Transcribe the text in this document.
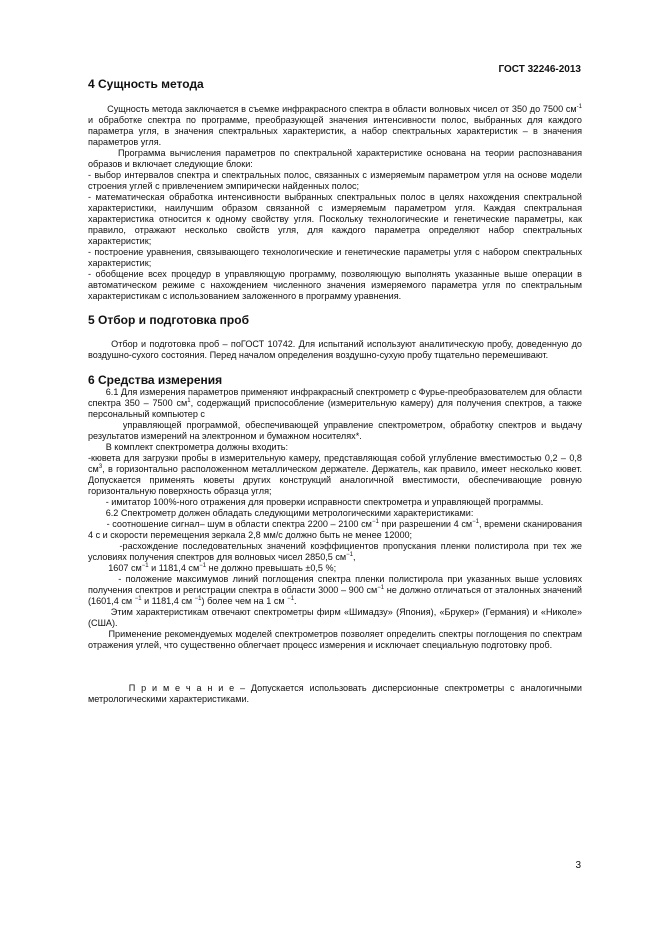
ГОСТ 32246-2013
4 Сущность метода

Сущность метода заключается в съемке инфракрасного спектра в области волновых чисел от 350 до 7500 $см^{-1}$ и обработке спектра по программе, преобразующей значения интенсивности полос, выбранных для каждого параметра угля, в значения спектральных характеристик, а набор спектральных характеристик – в значения параметров угля.

Программа вычисления параметров по спектральной характеристике основана на теории распознавания образов и включает следующие блоки:

- выбор интервалов спектра и спектральных полос, связанных с измеряемым параметром угля на основе модели строения углей с привлечением эмпирически найденных полос;

- математическая обработка интенсивности выбранных спектральных полос в целях нахождения спектральной характеристики, наилучшим образом связанной с измеряемым параметром угля. Каждая спектральная характеристика относится к одному свойству угля. Поскольку технологические и генетические параметры, как правило, отражают несколько свойств угля, для каждого параметра определяют набор спектральных характеристик;

- построение уравнения, связывающего технологические и генетические параметры угля с набором спектральных характеристик;

- обобщение всех процедур в управляющую программу, позволяющую выполнять указанные выше операции в автоматическом режиме с нахождением численного значения измеряемого параметра угля по спектральным характеристикам с использованием заложенного в программу уравнения.

5 Отбор и подготовка проб

Отбор и подготовка проб – поГОСТ 10742. Для испытаний используют аналитическую пробу, доведенную до воздушно-сухого состояния. Перед началом определения воздушно-сухую пробу тщательно перемешивают.

6 Средства измерения

6.1 Для измерения параметров применяют инфракрасный спектрометр с Фурье-преобразователем для области спектра 350 – 7500 $см^1$, содержащий приспособление (измерительную камеру) для получения спектров, а также персональный компьютер с

управляющей программой, обеспечивающей управление спектрометром, обработку спектров и выдачу результатов измерений на электронном и бумажном носителях*.

В комплект спектрометра должны входить:

-кювета для загрузки пробы в измерительную камеру, представляющая собой углубление вместимостью 0,2 – 0,8 $см^3$, в горизонтально расположенном металлическом держателе. Держатель, как правило, имеет несколько кювет. Допускается применять кюветы других конструкций аналогичной вместимости, обеспечивающие ровную горизонтальную поверхность образца угля;

- имитатор 100%-ного отражения для проверки исправности спектрометра и управляющей программы.

6.2 Спектрометр должен обладать следующими метрологическими характеристиками:

- соотношение сигнал– шум в области спектра 2200 – 2100 $см^{-1}$ при разрешении 4 $см^{-1}$, времени сканирования 4 с и скорости перемещения зеркала 2,8 мм/с должно быть не менее 12000;

-расхождение последовательных значений коэффициентов пропускания пленки полистирола при тех же условиях получения спектров для волновых чисел 2850,5 $см^{-1}$,

1607 $см^{-1}$ и 1181,4 $см^{-1}$ не должно превышать ±0,5 %;

- положение максимумов линий поглощения спектра пленки полистирола при указанных выше условиях получения спектров и регистрации спектра в области 3000 – 900 $см^{-1}$ не должно отличаться от эталонных значений (1601,4 см $^{-1}$ и 1181,4 см $^{-1}$) более чем на 1 см $^{-1}$.

Этим характеристикам отвечают спектрометры фирм «Шимадзу» (Япония), «Брукер» (Германия) и «Николе» (США).

Применение рекомендуемых моделей спектрометров позволяет определить спектры поглощения по спектрам отражения углей, что существенно облегчает процесс измерения и исключает специальную подготовку проб.

П р и м е ч а н и е – Допускается использовать дисперсионные спектрометры с аналогичными метрологическими характеристиками.

3
